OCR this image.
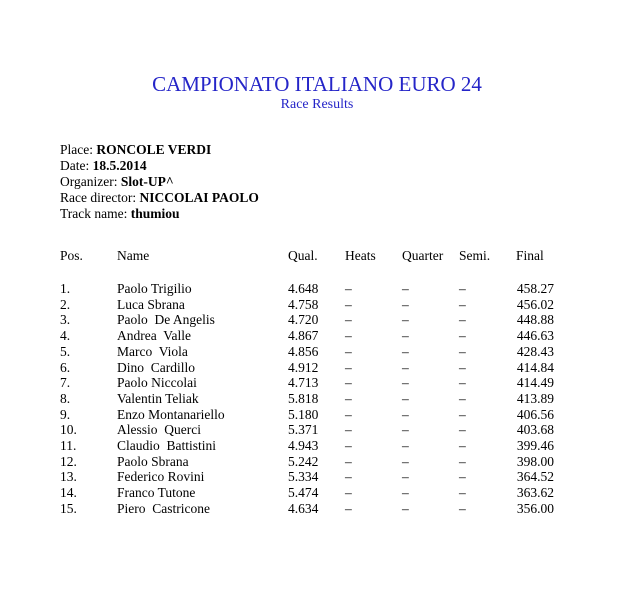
CAMPIONATO ITALIANO EURO 24
Race Results
Place: RONCOLE VERDI
Date: 18.5.2014
Organizer: Slot-UP^
Race director: NICCOLAI PAOLO
Track name: thumiou
Pos.	Name	Qual. Heats Quarter Semi. Final
1.	Paolo Trigilio	4.648 –	–	–	458.27
2.	Luca Sbrana	4.758 –	–	–	456.02
3.	Paolo  De Angelis	4.720 –	–	–	448.88
4.	Andrea  Valle	4.867 –	–	–	446.63
5.	Marco  Viola	4.856 –	–	–	428.43
6.	Dino  Cardillo	4.912 –	–	–	414.84
7.	Paolo Niccolai	4.713 –	–	–	414.49
8.	Valentin Teliak	5.818 –	–	–	413.89
9.	Enzo Montanariello	5.180 –	–	–	406.56
10.	Alessio  Querci	5.371 –	–	–	403.68
11.	Claudio  Battistini	4.943 –	–	–	399.46
12.	Paolo Sbrana	5.242 –	–	–	398.00
13.	Federico Rovini	5.334 –	–	–	364.52
14.	Franco Tutone	5.474 –	–	–	363.62
15.	Piero  Castricone	4.634 –	–	–	356.00
